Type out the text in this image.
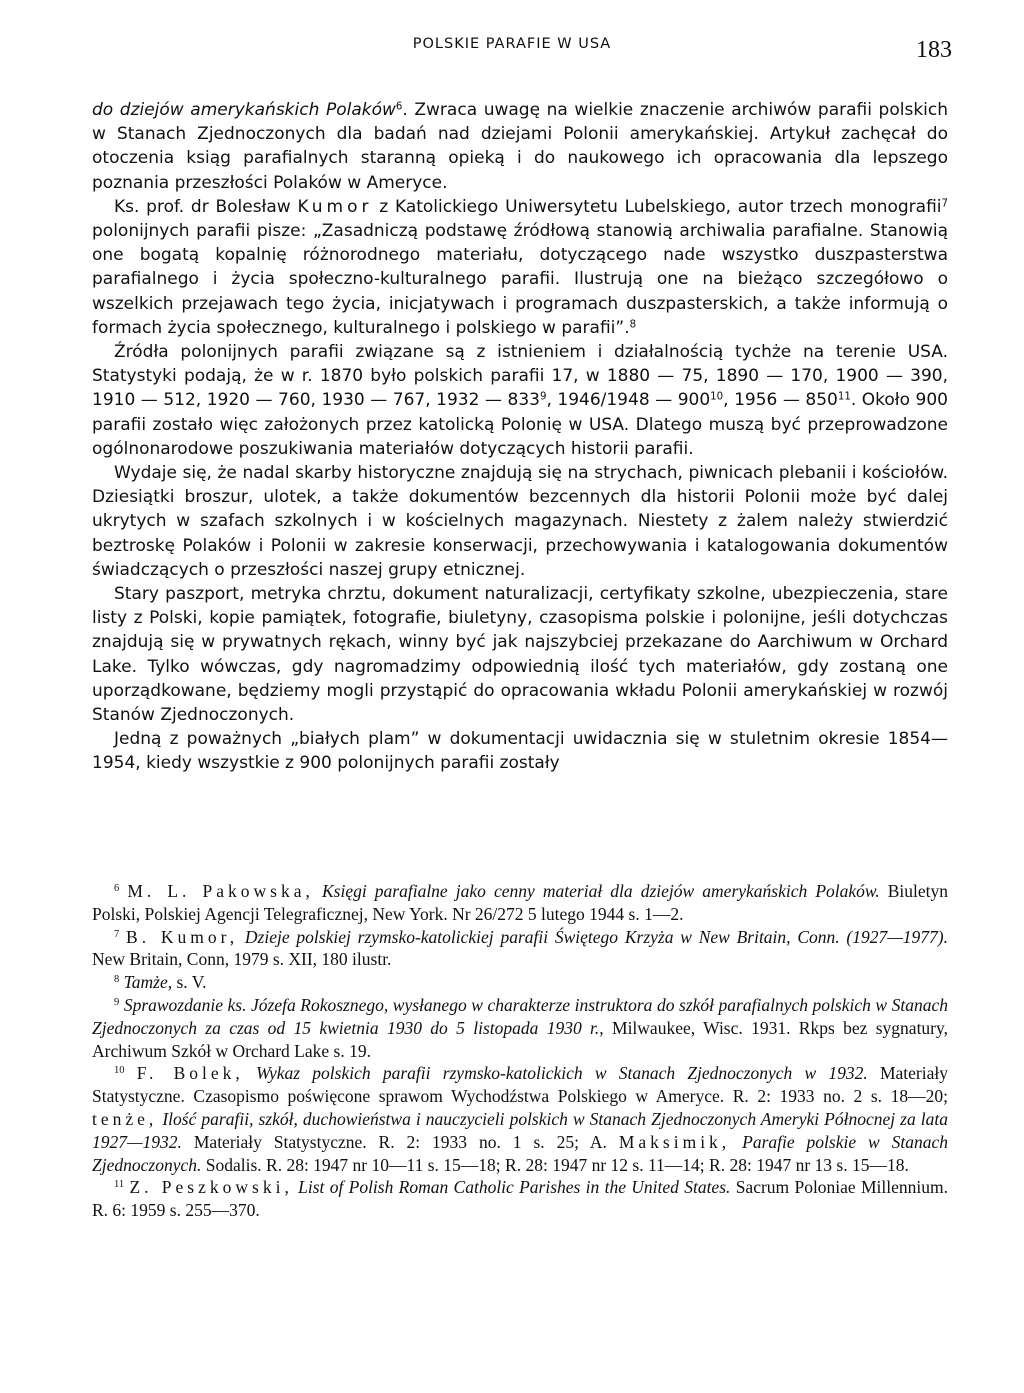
POLSKIE PARAFIE W USA	183

do dziejów amerykańskich Polaków$^6$. Zwraca uwagę na wielkie znaczenie archiwów parafii polskich w Stanach Zjednoczonych dla badań nad dziejami Polonii amerykańskiej. Artykuł zachęcał do otoczenia ksiąg parafialnych staranną opieką i do naukowego ich opracowania dla lepszego poznania przeszłości Polaków w Ameryce.

Ks. prof. dr Bolesław Kumor z Katolickiego Uniwersytetu Lubelskiego, autor trzech monografii$^7$ polonijnych parafii pisze: „Zasadniczą podstawę źródłową stanowią archiwalia parafialne. Stanowią one bogatą kopalnię różnorodnego materiału, dotyczącego nade wszystko duszpasterstwa parafialnego i życia społeczno-kulturalnego parafii. Ilustrują one na bieżąco szczegółowo o wszelkich przejawach tego życia, inicjatywach i programach duszpasterskich, a także informują o formach życia społecznego, kulturalnego i polskiego w parafii”.$^8$

Źródła polonijnych parafii związane są z istnieniem i działalnością tychże na terenie USA. Statystyki podają, że w r. 1870 było polskich parafii 17, w 1880 — 75, 1890 — 170, 1900 — 390, 1910 — 512, 1920 — 760, 1930 — 767, 1932 — $833^9$, 1946/1948 — $900^{10}$, 1956 — $850^{11}$. Około 900 parafii zostało więc założonych przez katolicką Polonię w USA. Dlatego muszą być przeprowadzone ogólnonarodowe poszukiwania materiałów dotyczących historii parafii.

Wydaje się, że nadal skarby historyczne znajdują się na strychach, piwnicach plebanii i kościołów. Dziesiątki broszur, ulotek, a także dokumentów bezcennych dla historii Polonii może być dalej ukrytych w szafach szkolnych i w kościelnych magazynach. Niestety z żalem należy stwierdzić beztroskę Polaków i Polonii w zakresie konserwacji, przechowywania i katalogowania dokumentów świadczących o przeszłości naszej grupy etnicznej.

Stary paszport, metryka chrztu, dokument naturalizacji, certyfikaty szkolne, ubezpieczenia, stare listy z Polski, kopie pamiątek, fotografie, biuletyny, czasopisma polskie i polonijne, jeśli dotychczas znajdują się w prywatnych rękach, winny być jak najszybciej przekazane do Aarchiwum w Orchard Lake. Tylko wówczas, gdy nagromadzimy odpowiednią ilość tych materiałów, gdy zostaną one uporządkowane, będziemy mogli przystąpić do opracowania wkładu Polonii amerykańskiej w rozwój Stanów Zjednoczonych.

Jedną z poważnych „białych plam” w dokumentacji uwidacznia się w stuletnim okresie 1854—1954, kiedy wszystkie z 900 polonijnych parafii zostały

$^6$ M. L. Pakowska, Księgi parafialne jako cenny materiał dla dziejów amerykańskich Polaków. Biuletyn Polski, Polskiej Agencji Telegraficznej, New York. Nr 26/272 5 lutego 1944 s. 1—2.

$^7$ B. Kumor, Dzieje polskiej rzymsko-katolickiej parafii Świętego Krzyża w New Britain, Conn. (1927—1977). New Britain, Conn, 1979 s. XII, 180 ilustr.

$^8$ Tamże, s. V.

$^9$ Sprawozdanie ks. Józefa Rokosznego, wysłanego w charakterze instruktora do szkół parafialnych polskich w Stanach Zjednoczonych za czas od 15 kwietnia 1930 do 5 listopada 1930 r., Milwaukee, Wisc. 1931. Rkps bez sygnatury, Archiwum Szkół w Orchard Lake s. 19.

$^{10}$ F. Bolek, Wykaz polskich parafii rzymsko-katolickich w Stanach Zjednoczonych w 1932. Materiały Statystyczne. Czasopismo poświęcone sprawom Wychodźstwa Polskiego w Ameryce. R. 2: 1933 no. 2 s. 18—20; tenże, Ilość parafii, szkół, duchowieństwa i nauczycieli polskich w Stanach Zjednoczonych Ameryki Północnej za lata 1927—1932. Materiały Statystyczne. R. 2: 1933 no. 1 s. 25; A. Maksimik, Parafie polskie w Stanach Zjednoczonych. Sodalis. R. 28: 1947 nr 10—11 s. 15—18; R. 28: 1947 nr 12 s. 11—14; R. 28: 1947 nr 13 s. 15—18.

$^{11}$ Z. Peszkowski, List of Polish Roman Catholic Parishes in the United States. Sacrum Poloniae Millennium. R. 6: 1959 s. 255—370.
